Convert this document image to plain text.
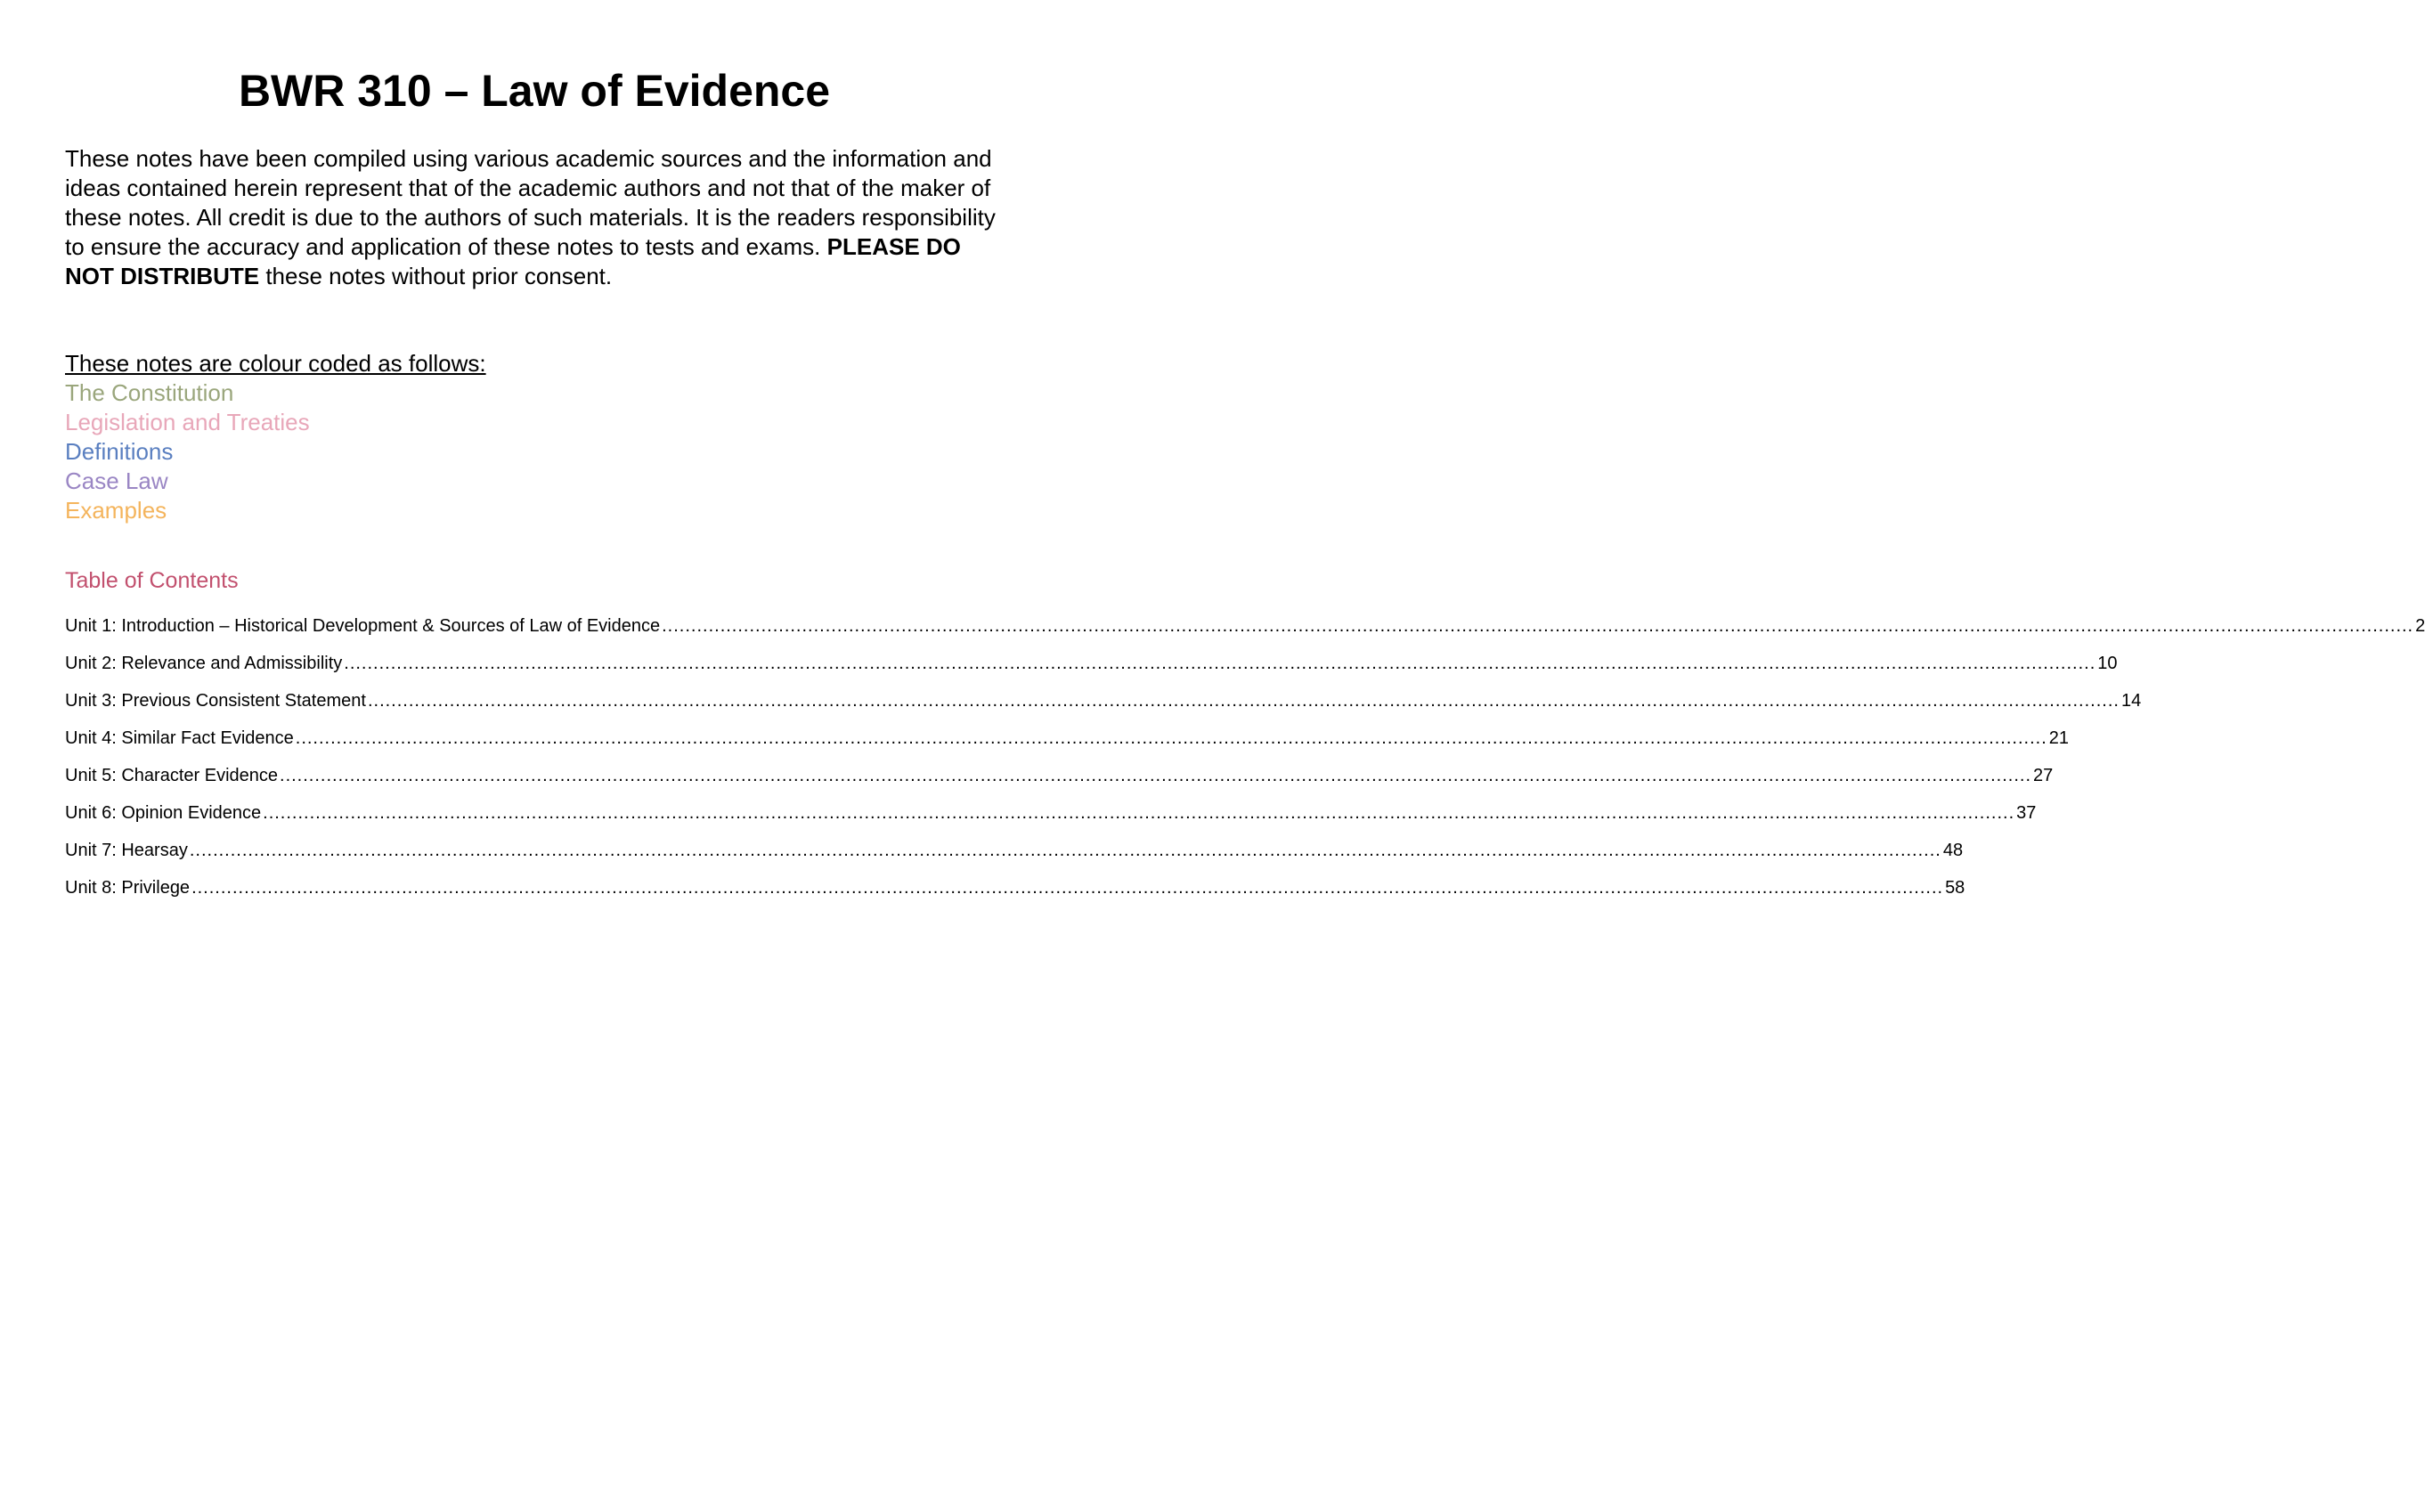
BWR 310 – Law of Evidence

These notes have been compiled using various academic sources and the information and ideas contained herein represent that of the academic authors and not that of the maker of these notes. All credit is due to the authors of such materials. It is the readers responsibility to ensure the accuracy and application of these notes to tests and exams. PLEASE DO NOT DISTRIBUTE these notes without prior consent.

These notes are colour coded as follows:

The Constitution

Legislation and Treaties

Definitions

Case Law

Examples

Table of Contents
Unit 1: Introduction – Historical Development & Sources of Law of Evidence ............................................................................................................................................................................................................................................................................................................ 2
Unit 2: Relevance and Admissibility ............................................................................................................................................................................................................................................................................................................ 10
Unit 3: Previous Consistent Statement ............................................................................................................................................................................................................................................................................................................ 14
Unit 4: Similar Fact Evidence ............................................................................................................................................................................................................................................................................................................ 21
Unit 5: Character Evidence ............................................................................................................................................................................................................................................................................................................ 27
Unit 6: Opinion Evidence ............................................................................................................................................................................................................................................................................................................ 37
Unit 7: Hearsay ............................................................................................................................................................................................................................................................................................................ 48
Unit 8: Privilege ............................................................................................................................................................................................................................................................................................................ 58
